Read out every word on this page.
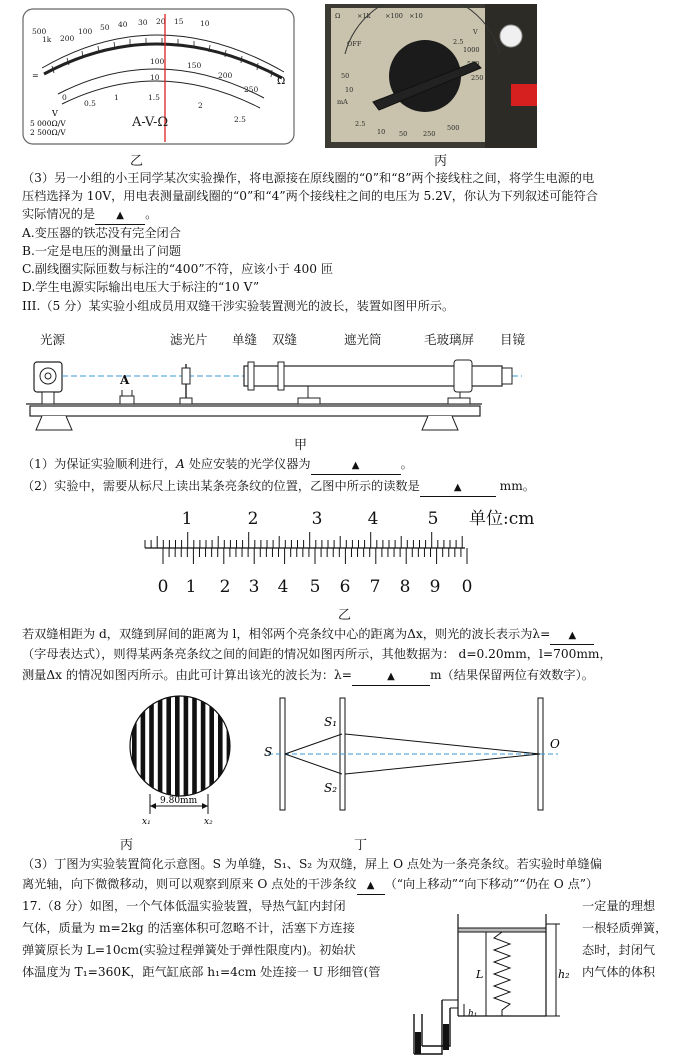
500
1k 200
100 50 40 30 20 15 10
100	150
200
250
0
10
0.5
1	1.5
2
2.5
Ω
=
V
A-V-Ω
5 000Ω/V
2 500Ω/V
乙
Ω	×100 ×10
×1k
OFF
1000
500
250
50
10
2.5
mA
2.5
10 50 250
500
V
Ω ADJ
丙
（3）另一小组的小王同学某次实验操作，将电源接在原线圈的“0”和“8”两个接线柱之间，将学生电源的电
压档选择为 10V，用电表测量副线圈的“0”和“4”两个接线柱之间的电压为 5.2V，你认为下列叙述可能符合
实际情况的是 ▲ 。
A.变压器的铁芯没有完全闭合
B.一定是电压的测量出了问题
C.副线圈实际匝数与标注的“400”不符，应该小于 400 匝
D.学生电源实际输出电压大于标注的“10 V”
III.（5 分）某实验小组成员用双缝干涉实验装置测光的波长，装置如图甲所示。
光源	滤光片 单缝 双缝	遮光筒	毛玻璃屏 目镜
A
甲
（1）为保证实验顺利进行，A 处应安装的光学仪器为	▲	。
（2）实验中，需要从标尺上读出某条亮条纹的位置，乙图中所示的读数是	▲	mm。
1	2	3	4	5 单位:cm
0 1 2 3 4 5 6 7 8 9 0
乙
若双缝相距为 d，双缝到屏间的距离为 l，相邻两个亮条纹中心的距离为Δx，则光的波长表示为λ= ▲
（字母表达式），则得某两条亮条纹之间的间距的情况如图丙所示，其他数据为： d=0.20mm，l=700mm，
测量Δx 的情况如图丙所示。由此可计算出该光的波长为：λ=	▲	m（结果保留两位有效数字）。
9.80mm
x₁	x₂
丙
S
S₁
S₂
O
丁
（3）丁图为实验装置简化示意图。S 为单缝，S₁、S₂ 为双缝，屏上 O 点处为一条亮条纹。若实验时单缝偏
离光轴，向下微微移动，则可以观察到原来 O 点处的干涉条纹 ▲ （“向上移动”“向下移动”“仍在 O 点”）
17.（8 分）如图，一个气体低温实验装置，导热气缸内封闭
气体，质量为 m=2kg 的活塞体积可忽略不计，活塞下方连接
弹簧原长为 L=10cm(实验过程弹簧处于弹性限度内)。初始状
体温度为 T₁=360K，距气缸底部 h₁=4cm 处连接一 U 形细管(管
一定量的理想
一根轻质弹簧，
态时，封闭气
内气体的体积
h₂
L
h₁
